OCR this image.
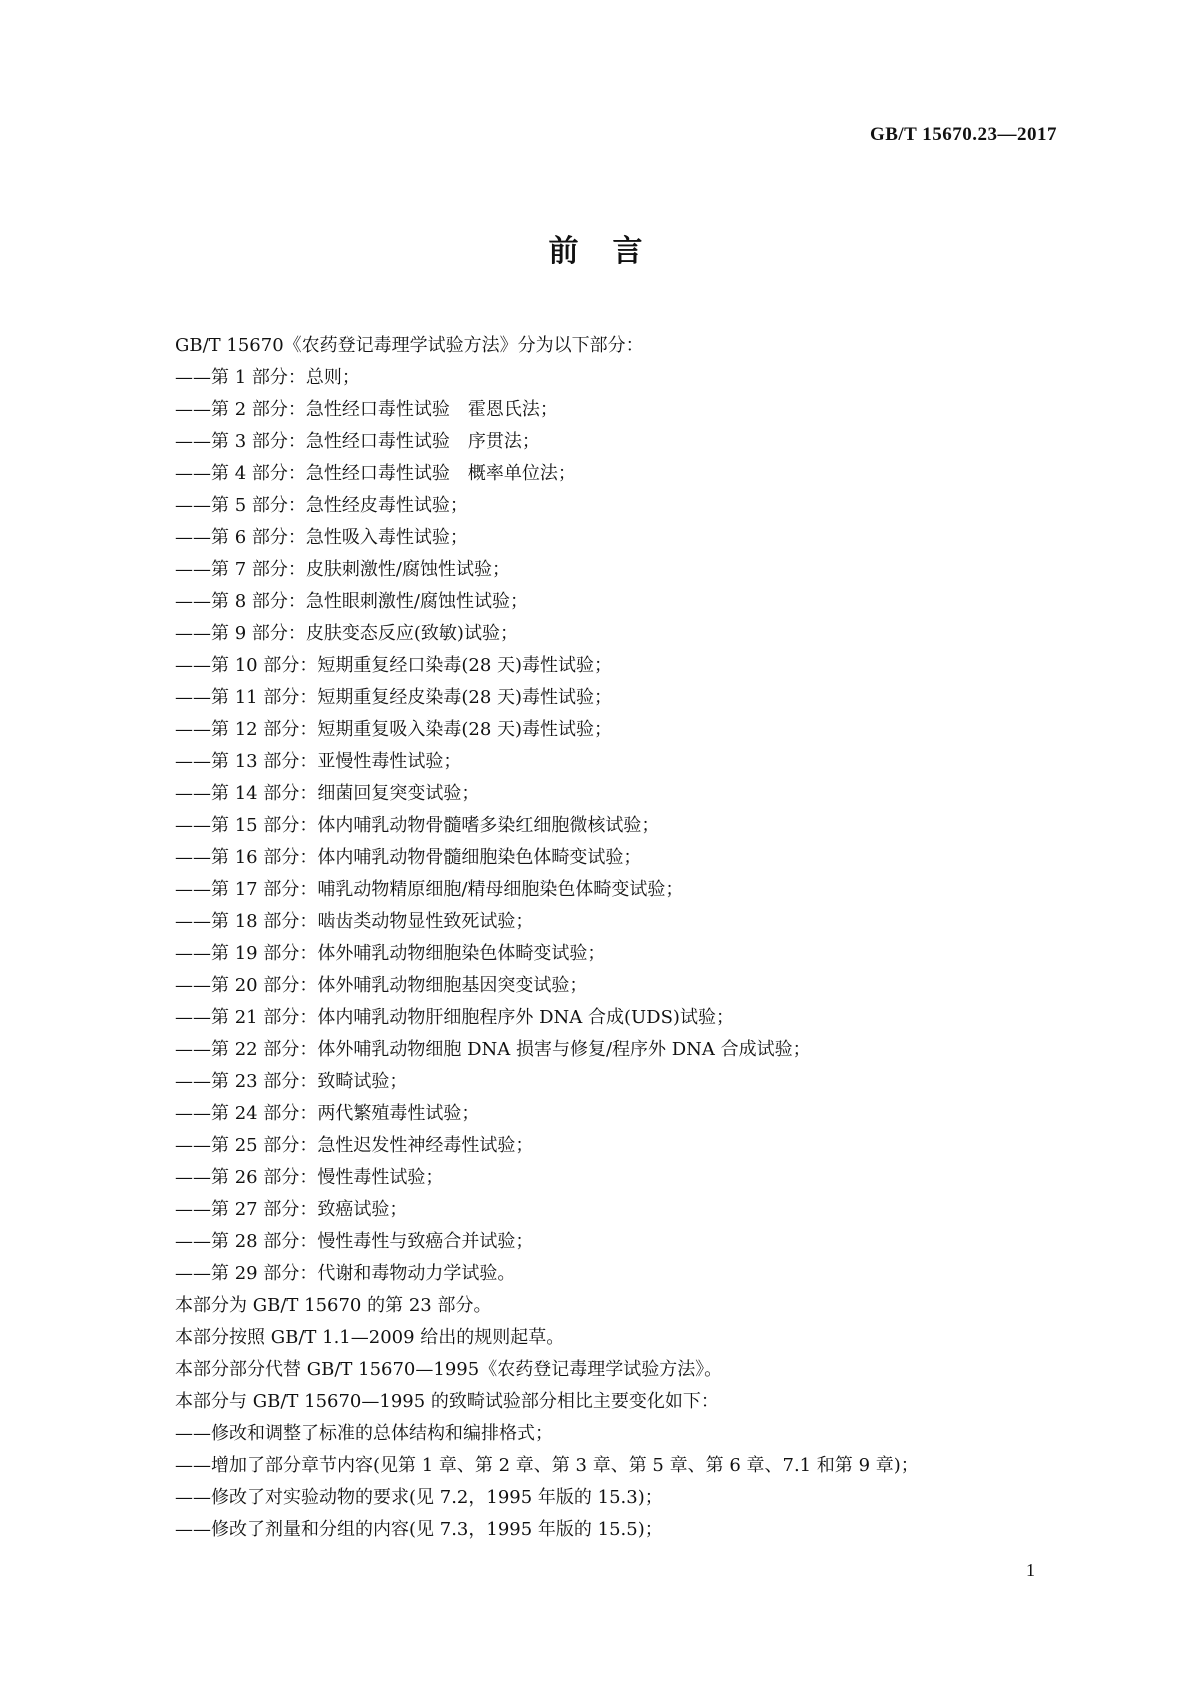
GB/T 15670.23—2017
前言
GB/T 15670《农药登记毒理学试验方法》分为以下部分：
——第 1 部分：总则；
——第 2 部分：急性经口毒性试验　霍恩氏法；
——第 3 部分：急性经口毒性试验　序贯法；
——第 4 部分：急性经口毒性试验　概率单位法；
——第 5 部分：急性经皮毒性试验；
——第 6 部分：急性吸入毒性试验；
——第 7 部分：皮肤刺激性/腐蚀性试验；
——第 8 部分：急性眼刺激性/腐蚀性试验；
——第 9 部分：皮肤变态反应(致敏)试验；
——第 10 部分：短期重复经口染毒(28 天)毒性试验；
——第 11 部分：短期重复经皮染毒(28 天)毒性试验；
——第 12 部分：短期重复吸入染毒(28 天)毒性试验；
——第 13 部分：亚慢性毒性试验；
——第 14 部分：细菌回复突变试验；
——第 15 部分：体内哺乳动物骨髓嗜多染红细胞微核试验；
——第 16 部分：体内哺乳动物骨髓细胞染色体畸变试验；
——第 17 部分：哺乳动物精原细胞/精母细胞染色体畸变试验；
——第 18 部分：啮齿类动物显性致死试验；
——第 19 部分：体外哺乳动物细胞染色体畸变试验；
——第 20 部分：体外哺乳动物细胞基因突变试验；
——第 21 部分：体内哺乳动物肝细胞程序外 DNA 合成(UDS)试验；
——第 22 部分：体外哺乳动物细胞 DNA 损害与修复/程序外 DNA 合成试验；
——第 23 部分：致畸试验；
——第 24 部分：两代繁殖毒性试验；
——第 25 部分：急性迟发性神经毒性试验；
——第 26 部分：慢性毒性试验；
——第 27 部分：致癌试验；
——第 28 部分：慢性毒性与致癌合并试验；
——第 29 部分：代谢和毒物动力学试验。
本部分为 GB/T 15670 的第 23 部分。
本部分按照 GB/T 1.1—2009 给出的规则起草。
本部分部分代替 GB/T 15670—1995《农药登记毒理学试验方法》。
本部分与 GB/T 15670—1995 的致畸试验部分相比主要变化如下：
——修改和调整了标准的总体结构和编排格式；
——增加了部分章节内容(见第 1 章、第 2 章、第 3 章、第 5 章、第 6 章、7.1 和第 9 章)；
——修改了对实验动物的要求(见 7.2，1995 年版的 15.3)；
——修改了剂量和分组的内容(见 7.3，1995 年版的 15.5)；
1
